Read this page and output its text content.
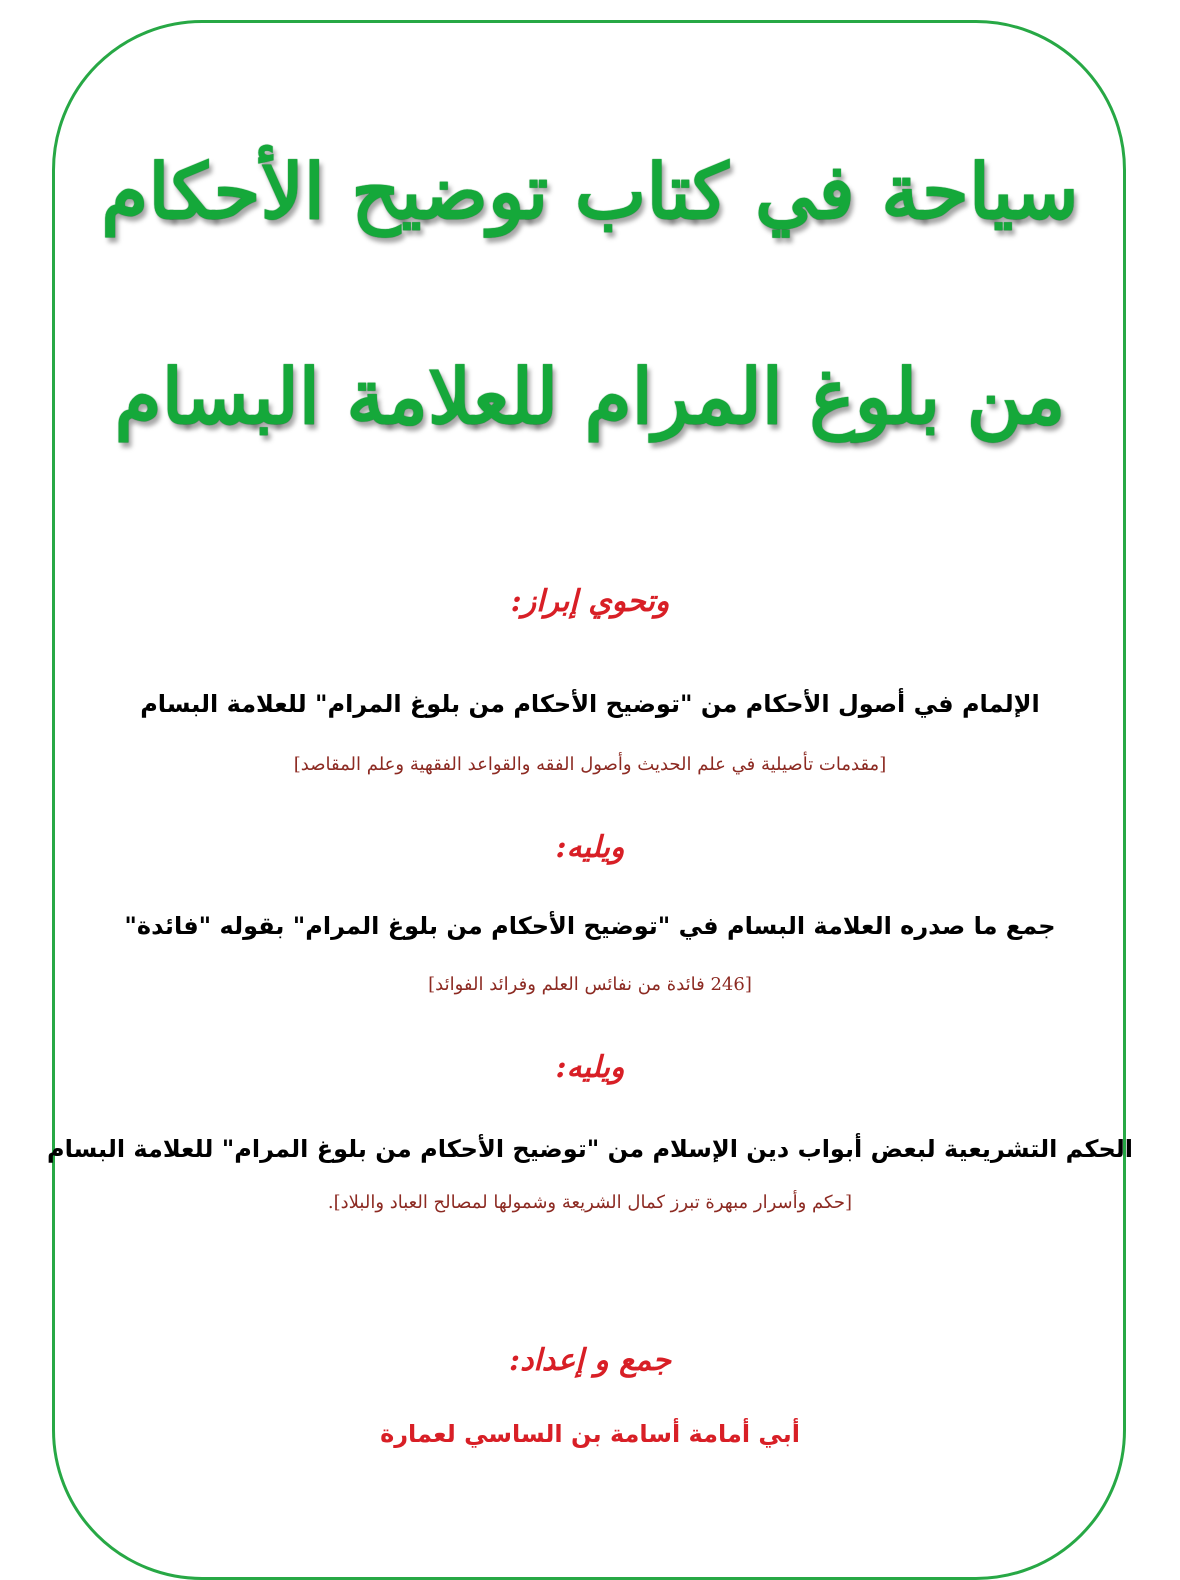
سياحة في كتاب توضيح الأحكام
من بلوغ المرام للعلامة البسام
وتحوي إبراز:
الإلمام في أصول الأحكام من "توضيح الأحكام من بلوغ المرام" للعلامة البسام
[مقدمات تأصيلية في علم الحديث وأصول الفقه والقواعد الفقهية وعلم المقاصد]
ويليه:
جمع ما صدره العلامة البسام في "توضيح الأحكام من بلوغ المرام" بقوله "فائدة"
[246 فائدة من نفائس العلم وفرائد الفوائد]
ويليه:
الحكم التشريعية لبعض أبواب دين الإسلام من "توضيح الأحكام من بلوغ المرام" للعلامة البسام
[حكم وأسرار مبهرة تبرز كمال الشريعة وشمولها لمصالح العباد والبلاد].
جمع و إعداد:
أبي أمامة أسامة بن الساسي لعمارة
